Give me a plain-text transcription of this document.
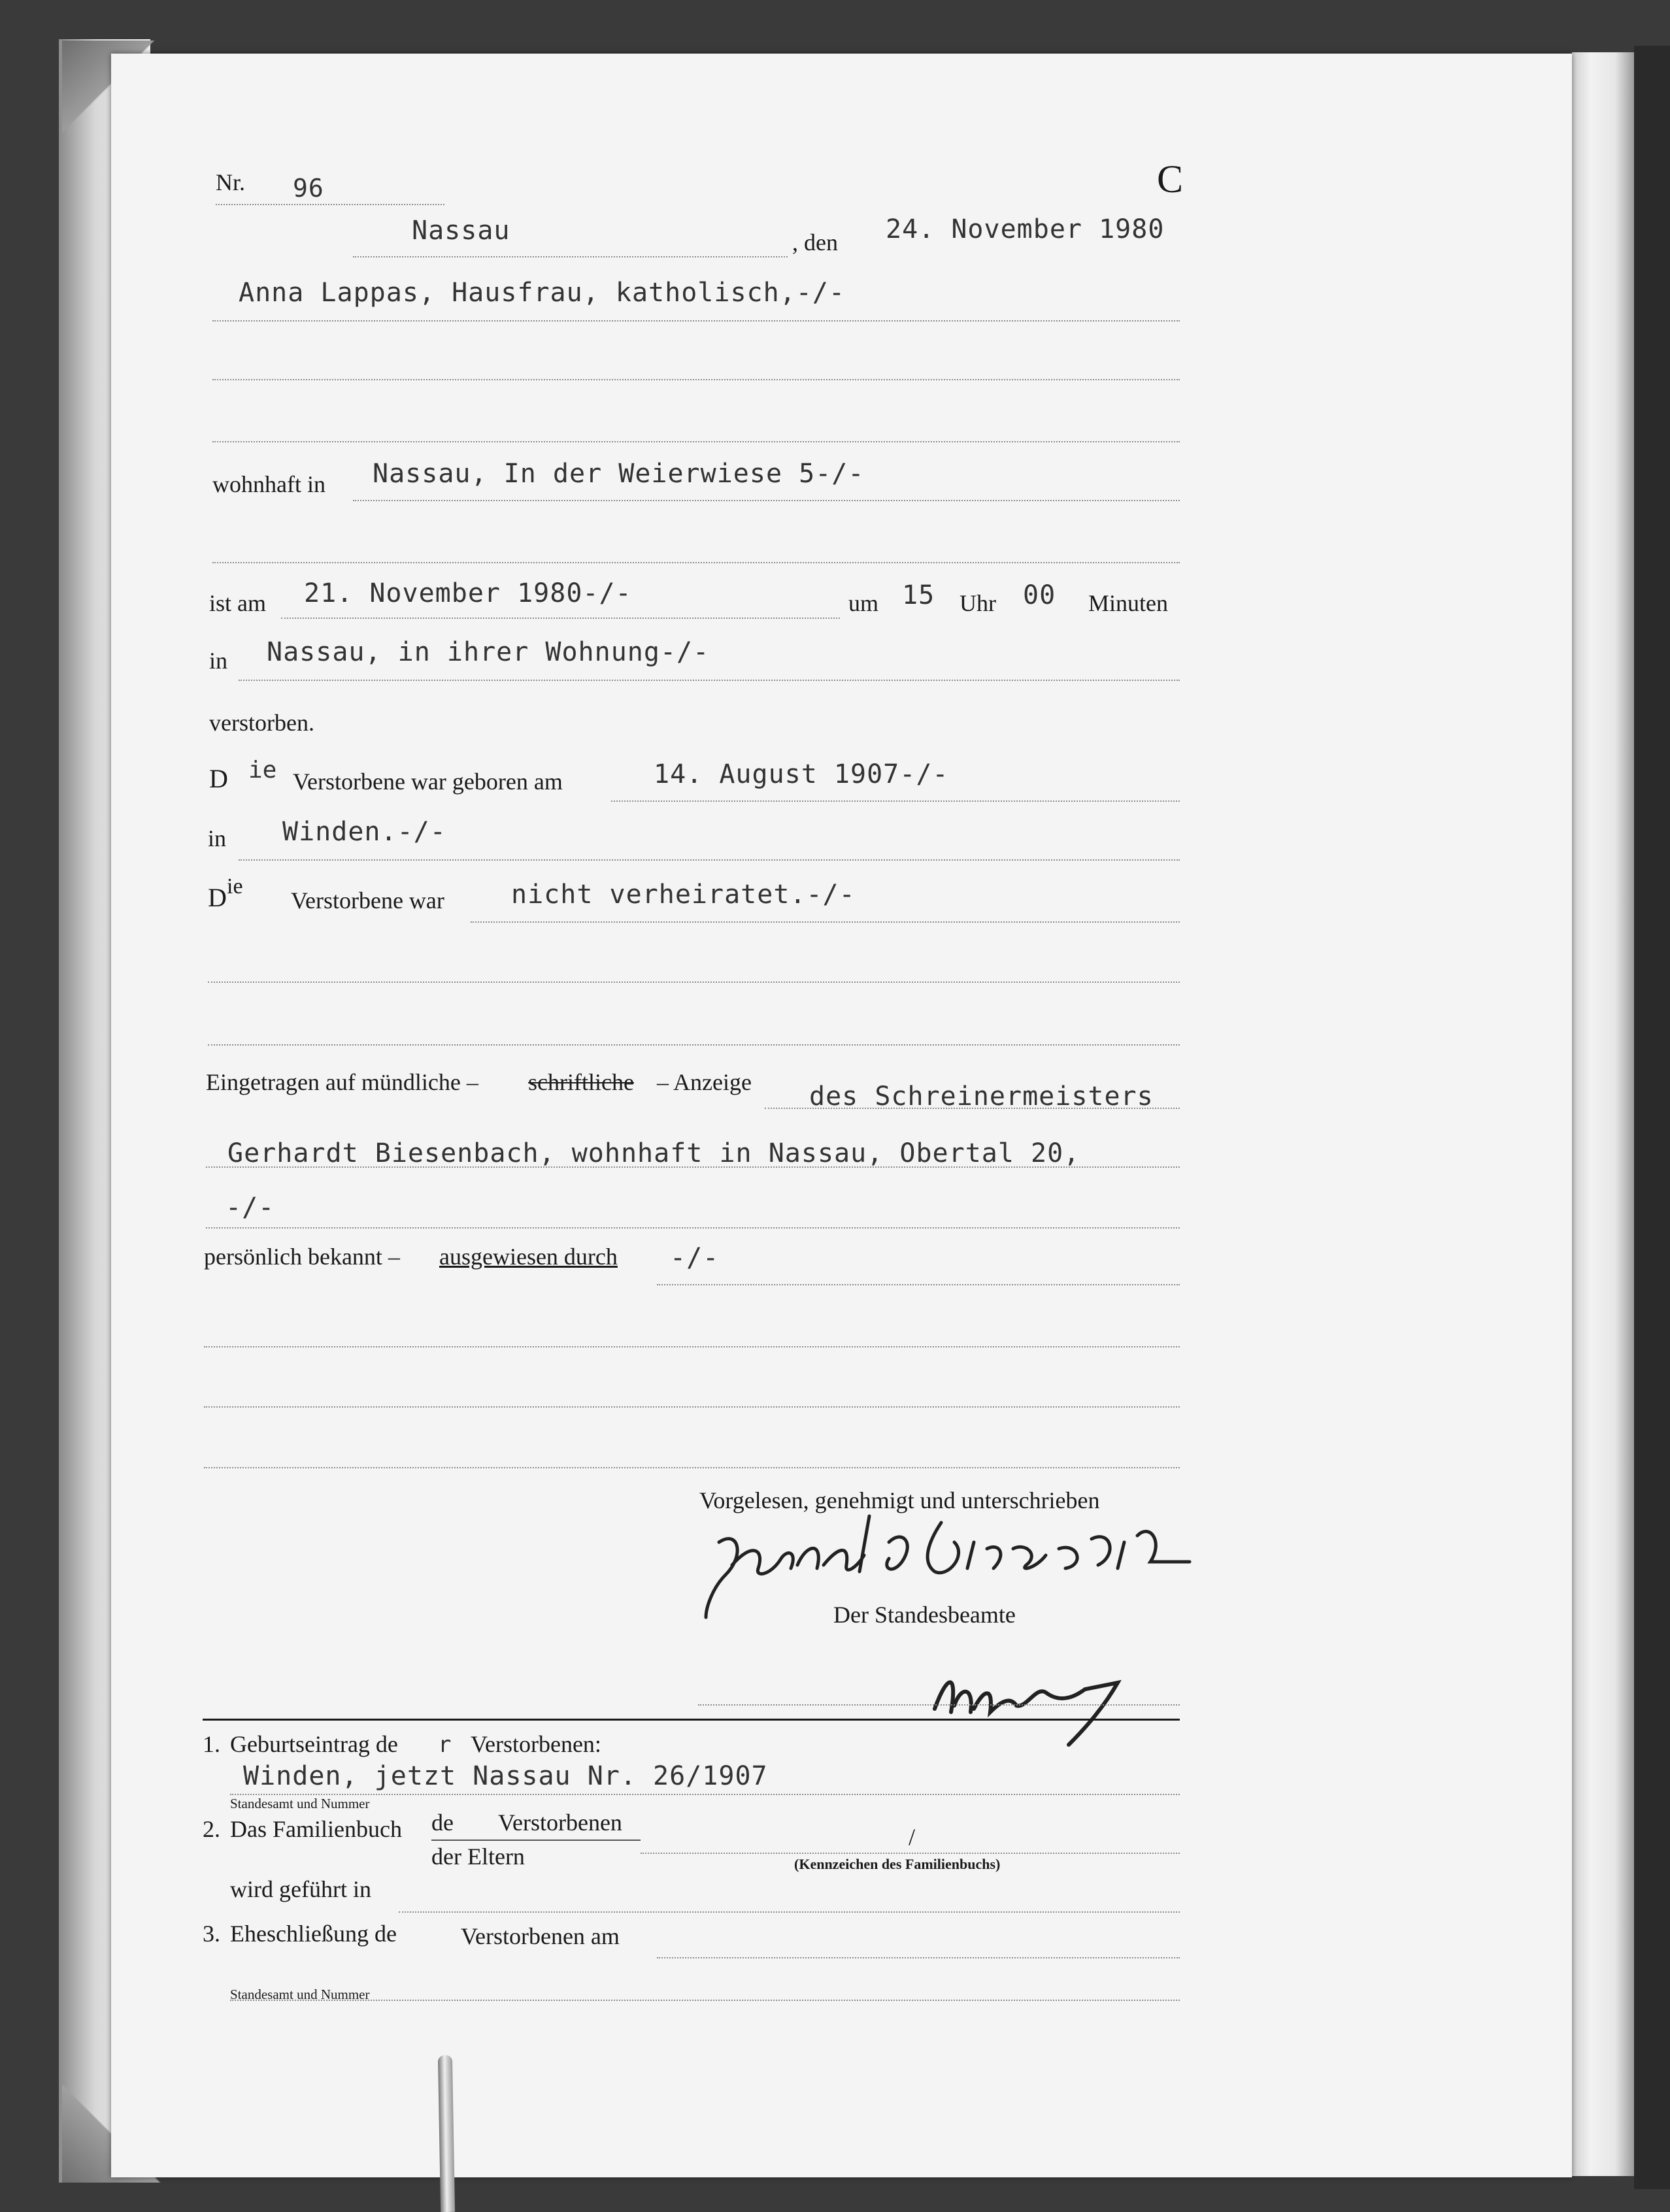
Nr. 96	C
Nassau	, den 24. November 1980
Anna Lappas, Hausfrau, katholisch,-/-
wohnhaft in Nassau, In der Weierwiese 5-/-
ist am 21. November 1980-/-	um 15 Uhr 00 Minuten
in Nassau, in ihrer Wohnung-/-
verstorben.
D ie Verstorbene war geboren am	14. August 1907-/-
in Winden.-/-
D ie
Verstorbene war	nicht verheiratet.-/-
Eingetragen auf mündliche – schriftliche – Anzeige des Schreinermeisters
Gerhardt Biesenbach, wohnhaft in Nassau, Obertal 20,
-/-
persönlich bekannt – ausgewiesen durch -/-
Vorgelesen, genehmigt und unterschrieben
Der Standesbeamte
1. Geburtseintrag de r Verstorbenen:
Winden, jetzt Nassau Nr. 26/1907
Standesamt und Nummer
2. Das Familienbuch de Verstorbenen
der Eltern
/
(Kennzeichen des Familienbuchs)
wird geführt in
3. Eheschließung de	Verstorbenen am
Standesamt und Nummer
